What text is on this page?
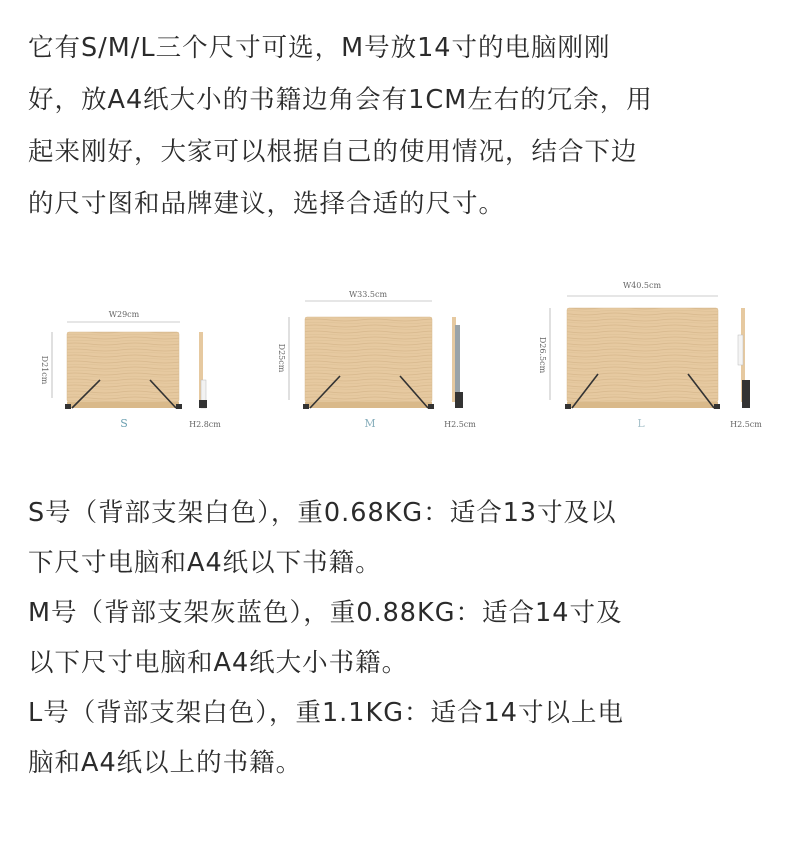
它有S/M/L三个尺寸可选，M号放14寸的电脑刚刚

好，放A4纸大小的书籍边角会有1CM左右的冗余，用

起来刚好，大家可以根据自己的使用情况，结合下边

的尺寸图和品牌建议，选择合适的尺寸。

W29cm
D21cm
H2.8cm
S
W33.5cm
D25cm
H2.5cm
M
W40.5cm
D26.5cm
H2.5cm
L

S号（背部支架白色），重0.68KG：适合13寸及以

下尺寸电脑和A4纸以下书籍。

M号（背部支架灰蓝色），重0.88KG：适合14寸及

以下尺寸电脑和A4纸大小书籍。

L号（背部支架白色），重1.1KG：适合14寸以上电

脑和A4纸以上的书籍。
